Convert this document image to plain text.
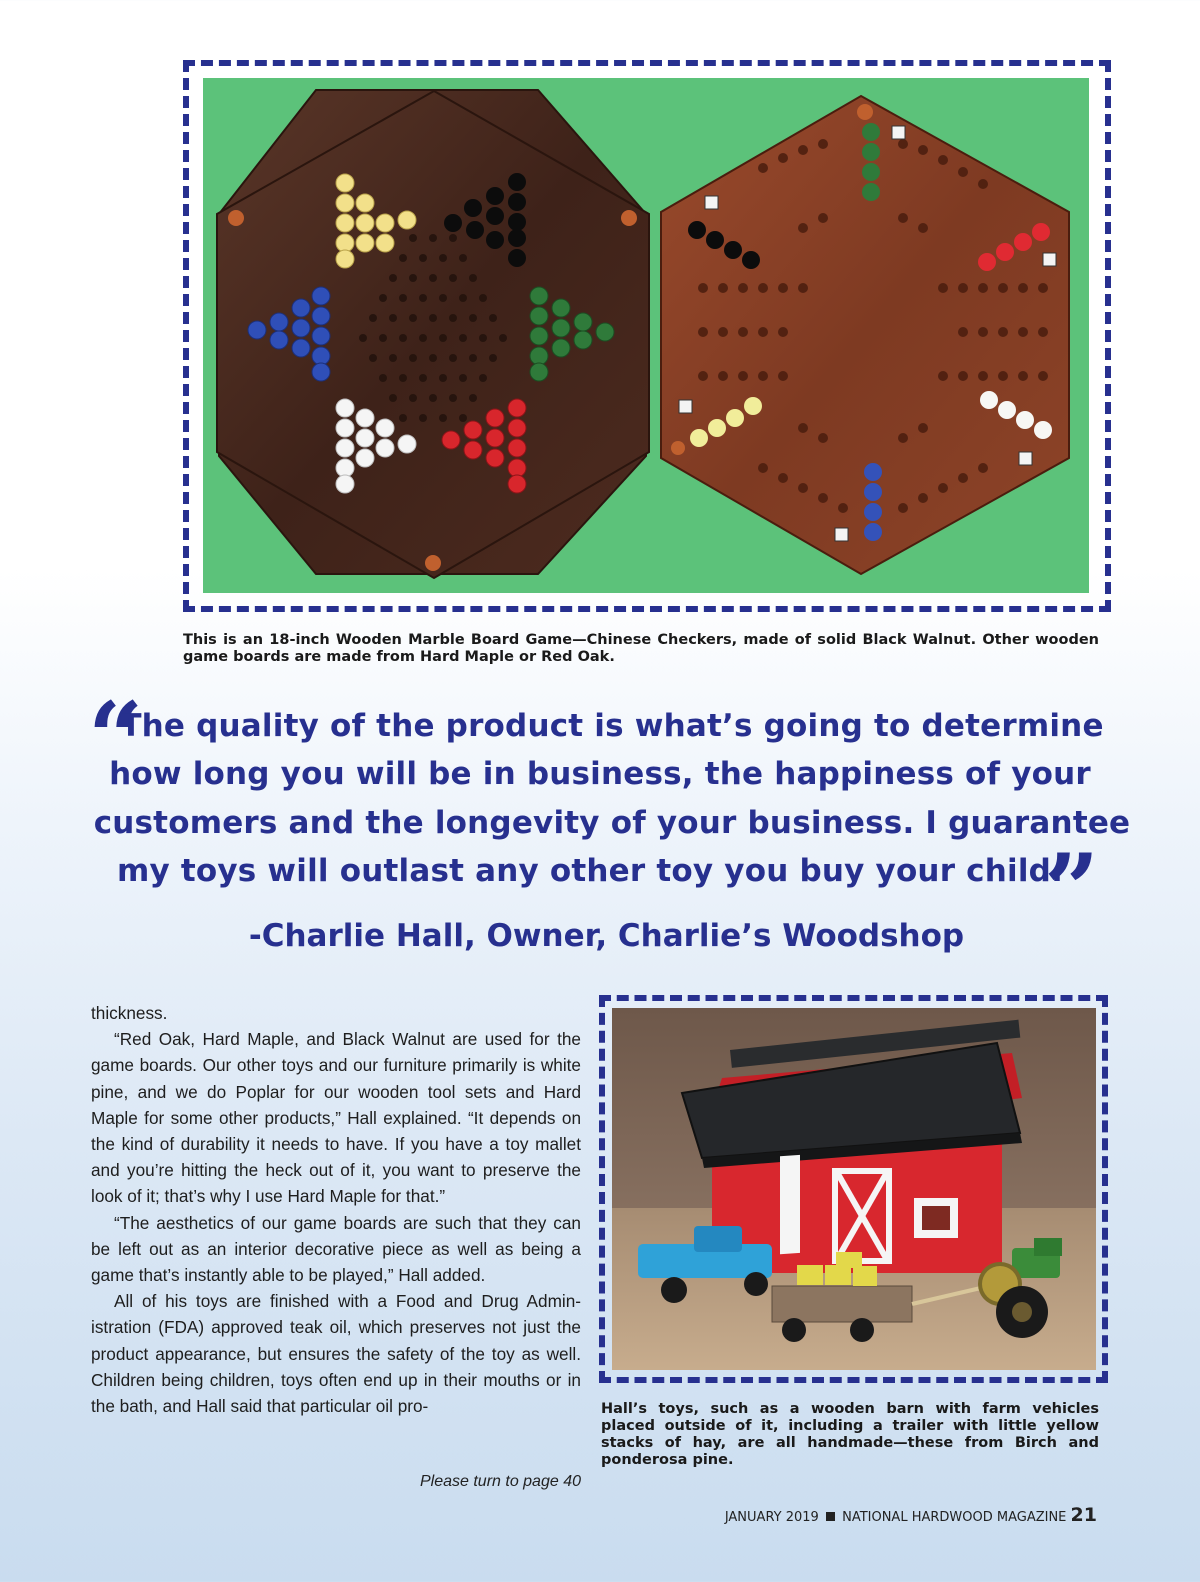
This is an 18-inch Wooden Marble Board Game—Chinese Checkers, made of solid Black Walnut. Other wooden game boards are made from Hard Maple or Red Oak.
“
The quality of the product is what’s going to determine
how long you will be in business, the happiness of your
customers and the longevity of your business. I guarantee
my toys will outlast any other toy you buy your child.
”
-Charlie Hall, Owner, Charlie’s Woodshop

thickness.

“Red Oak, Hard Maple, and Black Walnut are used for the game boards. Our other toys and our furniture primarily is white pine, and we do Poplar for our wooden tool sets and Hard Maple for some other products,” Hall explained. “It depends on the kind of durability it needs to have. If you have a toy mallet and you’re hitting the heck out of it, you want to preserve the look of it; that’s why I use Hard Maple for that.”

“The aesthetics of our game boards are such that they can be left out as an interior decorative piece as well as being a game that’s instantly able to be played,” Hall added.

All of his toys are finished with a Food and Drug Admin-istration (FDA) approved teak oil, which preserves not just the product appearance, but ensures the safety of the toy as well. Children being children, toys often end up in their mouths or in the bath, and Hall said that particular oil pro-

Please turn to page 40
Hall’s toys, such as a wooden barn with farm vehicles placed outside of it, including a trailer with little yellow stacks of hay, are all handmade—these from Birch and ponderosa pine.
JANUARY 2019 NATIONAL HARDWOOD MAGAZINE 21
